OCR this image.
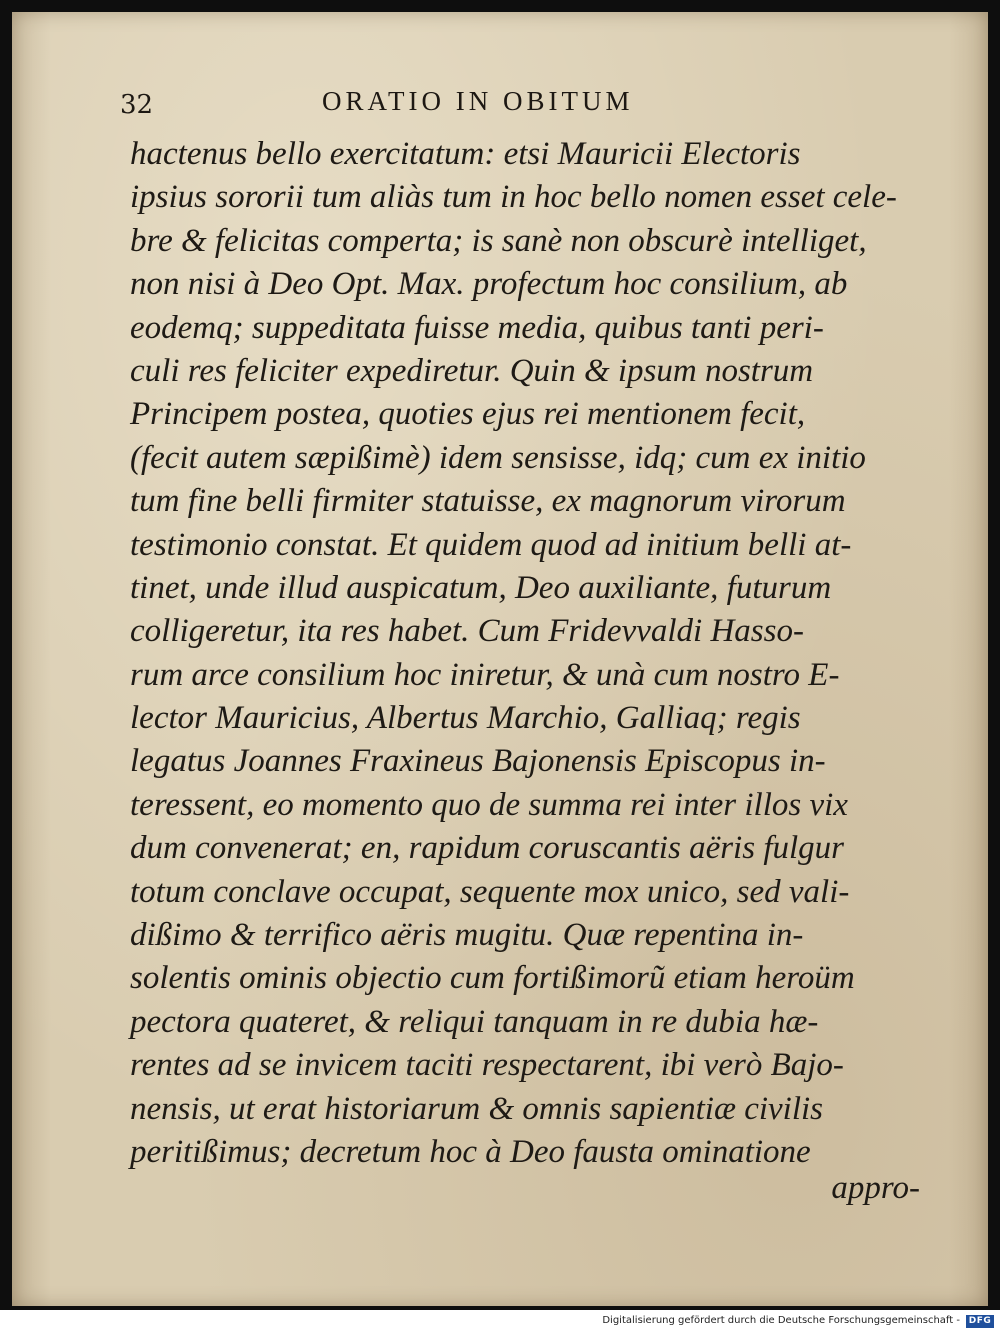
32	ORATIO IN OBITUM
hactenus bello exercitatum: etsi Mauricii Electoris
ipsius sororii tum aliàs tum in hoc bello nomen esset cele-
bre & felicitas comperta; is sanè non obscurè intelliget,
non nisi à Deo Opt. Max. profectum hoc consilium, ab
eodemq; suppeditata fuisse media, quibus tanti peri-
culi res feliciter expediretur. Quin & ipsum nostrum
Principem postea, quoties ejus rei mentionem fecit,
(fecit autem sæpißimè) idem sensisse, idq; cum ex initio
tum fine belli firmiter statuisse, ex magnorum virorum
testimonio constat. Et quidem quod ad initium belli at-
tinet, unde illud auspicatum, Deo auxiliante, futurum
colligeretur, ita res habet. Cum Fridevvaldi Hasso-
rum arce consilium hoc iniretur, & unà cum nostro E-
lector Mauricius, Albertus Marchio, Galliaq; regis
legatus Joannes Fraxineus Bajonensis Episcopus in-
teressent, eo momento quo de summa rei inter illos vix
dum convenerat; en, rapidum coruscantis aëris fulgur
totum conclave occupat, sequente mox unico, sed vali-
dißimo & terrifico aëris mugitu. Quæ repentina in-
solentis ominis objectio cum fortißimorũ etiam heroüm
pectora quateret, & reliqui tanquam in re dubia hæ-
rentes ad se invicem taciti respectarent, ibi verò Bajo-
nensis, ut erat historiarum & omnis sapientiæ civilis
peritißimus; decretum hoc à Deo fausta ominatione
appro-
Digitalisierung gefördert durch die Deutsche Forschungsgemeinschaft - DFG
